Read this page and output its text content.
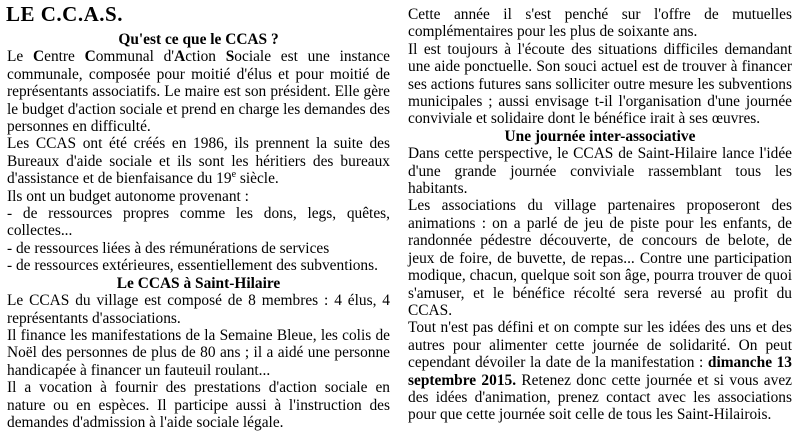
LE C.C.A.S.
Qu'est ce que le CCAS ?

Le Centre Communal d'Action Sociale est une instance communale, composée pour moitié d'élus et pour moitié de représentants associatifs. Le maire est son président. Elle gère le budget d'action sociale et prend en charge les demandes des personnes en difficulté.

Les CCAS ont été créés en 1986, ils prennent la suite des Bureaux d'aide sociale et ils sont les héritiers des bureaux d'assistance et de bienfaisance du 19e siècle.

Ils ont un budget autonome provenant :

- de ressources propres comme les dons, legs, quêtes, collectes...
- de ressources liées à des rémunérations de services
- de ressources extérieures, essentiellement des subventions.
Le CCAS à Saint-Hilaire

Le CCAS du village est composé de 8 membres : 4 élus, 4 représentants d'associations.

Il finance les manifestations de la Semaine Bleue, les colis de Noël des personnes de plus de 80 ans ; il a aidé une personne handicapée à financer un fauteuil roulant...

Il a vocation à fournir des prestations d'action sociale en nature ou en espèces. Il participe aussi à l'instruction des demandes d'admission à l'aide sociale légale.

Cette année il s'est penché sur l'offre de mutuelles complémentaires pour les plus de soixante ans.

Il est toujours à l'écoute des situations difficiles demandant une aide ponctuelle. Son souci actuel est de trouver à financer ses actions futures sans solliciter outre mesure les subventions municipales ; aussi envisage t-il l'organisation d'une journée conviviale et solidaire dont le bénéfice irait à ses œuvres.

Une journée inter-associative

Dans cette perspective, le CCAS de Saint-Hilaire lance l'idée d'une grande journée conviviale rassemblant tous les habitants.

Les associations du village partenaires proposeront des animations : on a parlé de jeu de piste pour les enfants, de randonnée pédestre découverte, de concours de belote, de jeux de foire, de buvette, de repas... Contre une participation modique, chacun, quelque soit son âge, pourra trouver de quoi s'amuser, et le bénéfice récolté sera reversé au profit du CCAS.

Tout n'est pas défini et on compte sur les idées des uns et des autres pour alimenter cette journée de solidarité. On peut cependant dévoiler la date de la manifestation : dimanche 13 septembre 2015. Retenez donc cette journée et si vous avez des idées d'animation, prenez contact avec les associations pour que cette journée soit celle de tous les Saint-Hilairois.
